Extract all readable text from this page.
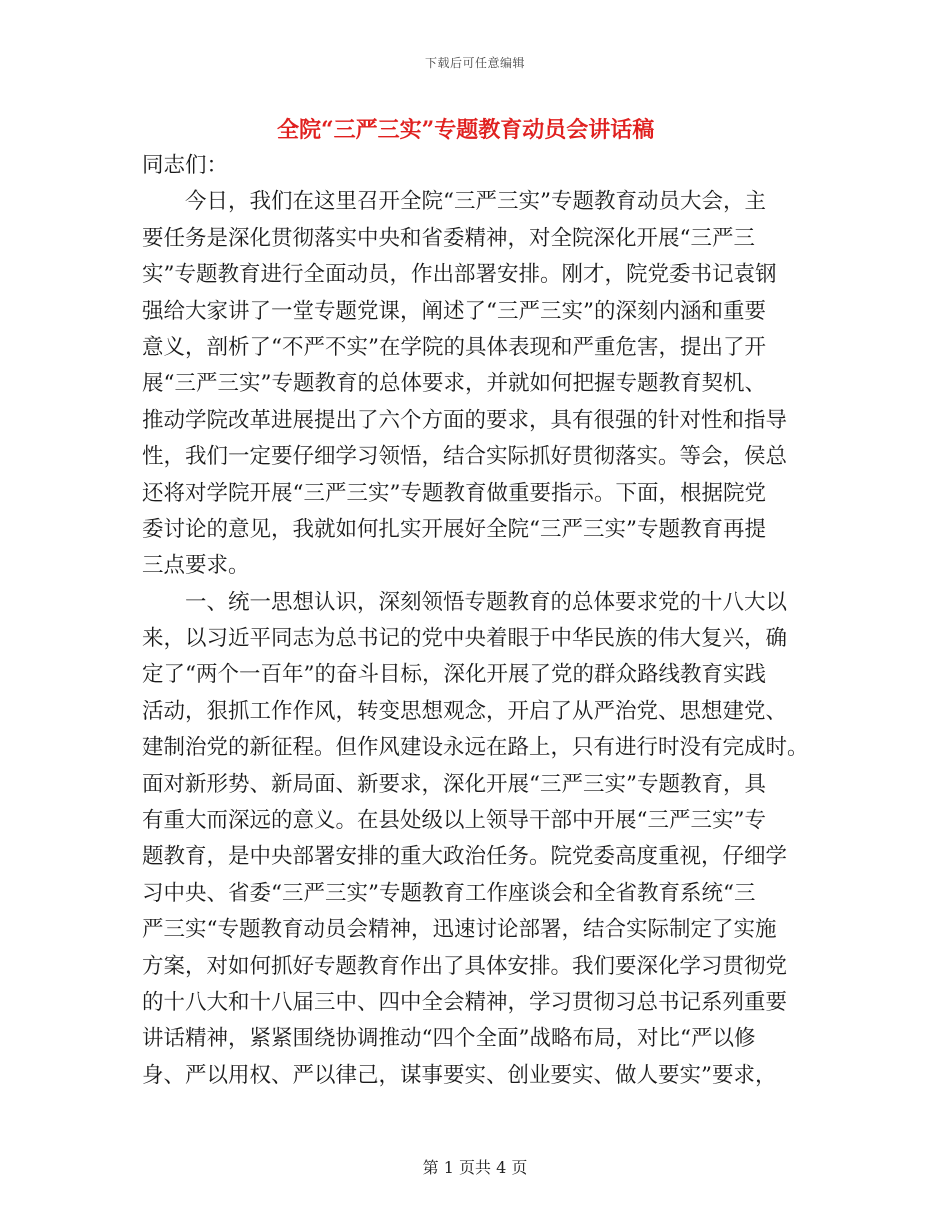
下载后可任意编辑
全院“三严三实”专题教育动员会讲话稿
同志们：
　　今日，我们在这里召开全院“三严三实”专题教育动员大会，主
要任务是深化贯彻落实中央和省委精神，对全院深化开展“三严三
实”专题教育进行全面动员，作出部署安排。刚才，院党委书记袁钢
强给大家讲了一堂专题党课，阐述了“三严三实”的深刻内涵和重要
意义，剖析了“不严不实”在学院的具体表现和严重危害，提出了开
展“三严三实”专题教育的总体要求，并就如何把握专题教育契机、
推动学院改革进展提出了六个方面的要求，具有很强的针对性和指导
性，我们一定要仔细学习领悟，结合实际抓好贯彻落实。等会，侯总
还将对学院开展“三严三实”专题教育做重要指示。下面，根据院党
委讨论的意见，我就如何扎实开展好全院“三严三实”专题教育再提
三点要求。
　　一、统一思想认识，深刻领悟专题教育的总体要求党的十八大以
来，以习近平同志为总书记的党中央着眼于中华民族的伟大复兴，确
定了“两个一百年”的奋斗目标，深化开展了党的群众路线教育实践
活动，狠抓工作作风，转变思想观念，开启了从严治党、思想建党、
建制治党的新征程。但作风建设永远在路上，只有进行时没有完成时。
面对新形势、新局面、新要求，深化开展“三严三实”专题教育，具
有重大而深远的意义。在县处级以上领导干部中开展“三严三实”专
题教育，是中央部署安排的重大政治任务。院党委高度重视，仔细学
习中央、省委“三严三实”专题教育工作座谈会和全省教育系统“三
严三实“专题教育动员会精神，迅速讨论部署，结合实际制定了实施
方案，对如何抓好专题教育作出了具体安排。我们要深化学习贯彻党
的十八大和十八届三中、四中全会精神，学习贯彻习总书记系列重要
讲话精神，紧紧围绕协调推动“四个全面”战略布局，对比“严以修
身、严以用权、严以律己，谋事要实、创业要实、做人要实”要求，
第 1 页共 4 页
